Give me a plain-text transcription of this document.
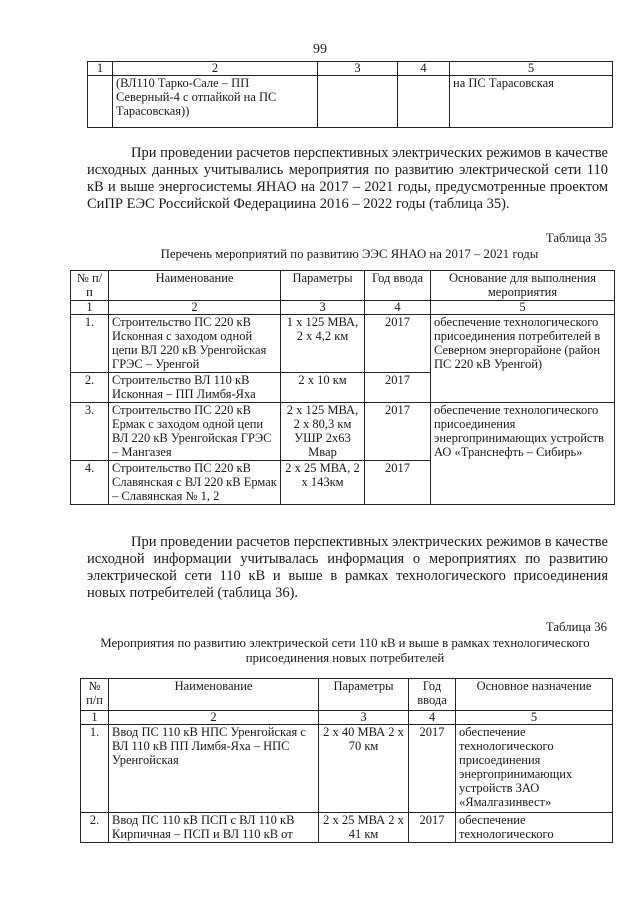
99
1	2	3	4	5
	(ВЛ110 Тарко-Сале – ПП Северный-4 с отпайкой на ПС Тарасовская))			на ПС Тарасовская

При проведении расчетов перспективных электрических режимов в качестве исходных данных учитывались мероприятия по развитию электрической сети 110 кВ и выше энергосистемы ЯНАО на 2017 – 2021 годы, предусмотренные проектом СиПР ЕЭС Российской Федерациина 2016 – 2022 годы (таблица 35).

Таблица 35
Перечень мероприятий по развитию ЭЭС ЯНАО на 2017 – 2021 годы
№ п/п	Наименование	Параметры	Год ввода	Основание для выполнения мероприятия
1	2	3	4	5
1.	Строительство ПС 220 кВ Исконная с заходом одной цепи ВЛ 220 кВ Уренгойская ГРЭС – Уренгой	1 x 125 МВА, 2 x 4,2 км	2017	обеспечение технологического присоединения потребителей в Северном энергорайоне (район ПС 220 кВ Уренгой)
2.	Строительство ВЛ 110 кВ Исконная – ПП Лимбя-Яха	2 x 10 км	2017	
3.	Строительство ПС 220 кВ Ермак с заходом одной цепи ВЛ 220 кВ Уренгойская ГРЭС – Мангазея	2 x 125 МВА, 2 x 80,3 км УШР 2x63 Мвар	2017	обеспечение технологического присоединения энергопринимающих устройств АО «Транснефть – Сибирь»
4.	Строительство ПС 220 кВ Славянская с ВЛ 220 кВ Ермак – Славянская № 1, 2	2 x 25 МВА, 2 x 143км	2017	

При проведении расчетов перспективных электрических режимов в качестве исходной информации учитывалась информация о мероприятиях по развитию электрической сети 110 кВ и выше в рамках технологического присоединения новых потребителей (таблица 36).

Таблица 36
Мероприятия по развитию электрической сети 110 кВ и выше в рамках технологического
присоединения новых потребителей
№ п/п	Наименование	Параметры	Год ввода	Основное назначение
1	2	3	4	5
1.	Ввод ПС 110 кВ НПС Уренгойская с ВЛ 110 кВ ПП Лимбя-Яха – НПС Уренгойская	2 x 40 МВА 2 x 70 км	2017	обеспечение технологического присоединения энергопринимающих устройств ЗАО «Ямалгазинвест»
2.	Ввод ПС 110 кВ ПСП с ВЛ 110 кВ Кирпичная – ПСП и ВЛ 110 кВ от	2 x 25 МВА 2 x 41 км	2017	обеспечение технологического
